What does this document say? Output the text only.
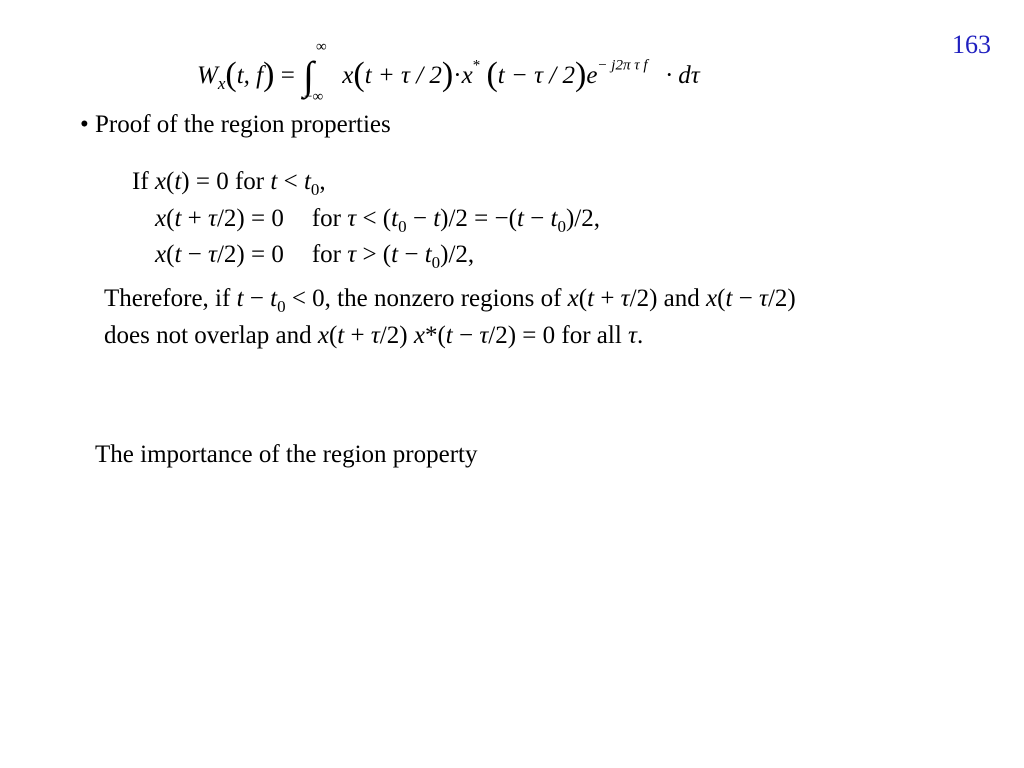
163
$W_x(t$, f) = ∫
∞
−∞
x(t + τ / 2)·x* $(t - \tau / 2)e^{- j2\pi \tau f} \cdot d\tau$
• Proof of the region properties
If x(t) = 0 for $t < t_0$,
x(t + τ/2) = 0 for $\tau < (t_0 - t)/2 = -(t - t_0)/2$,
x(t − τ/2) = 0 for $\tau > (t - t_0)/2$,
Therefore, if $t - t_0 < 0$, the nonzero regions of x(t + τ/2) and x(t − τ/2)
does not overlap and x(t + τ/2) x*(t − τ/2) = 0 for all τ.
The importance of the region property
